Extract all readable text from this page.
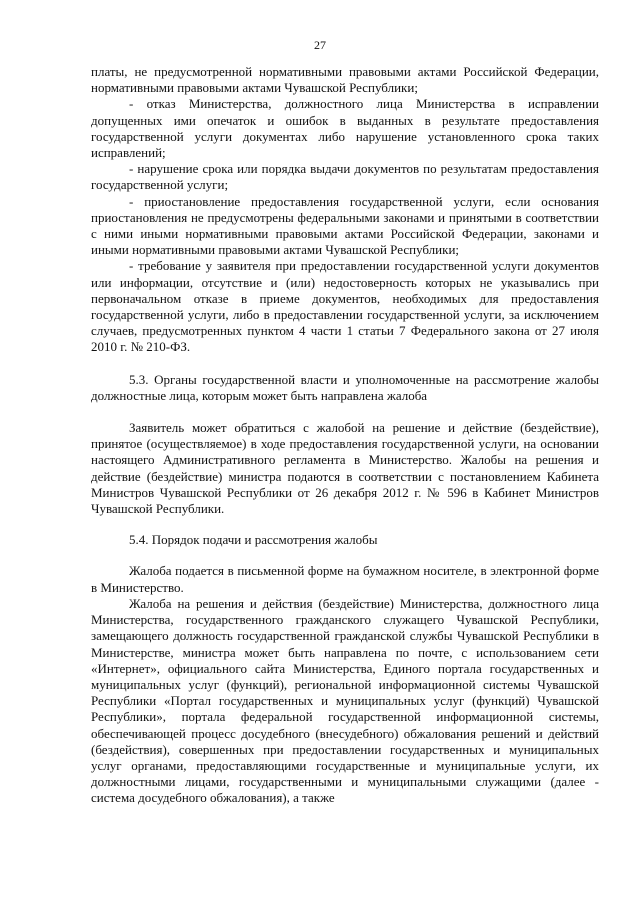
27

платы, не предусмотренной нормативными правовыми актами Российской Федерации, нормативными правовыми актами Чувашской Республики;

- отказ Министерства, должностного лица Министерства в исправлении допущенных ими опечаток и ошибок в выданных в результате предоставления государственной услуги документах либо нарушение установленного срока таких исправлений;

- нарушение срока или порядка выдачи документов по результатам предоставления государственной услуги;

- приостановление предоставления государственной услуги, если основания приостановления не предусмотрены федеральными законами и принятыми в соответствии с ними иными нормативными правовыми актами Российской Федерации, законами и иными нормативными правовыми актами Чувашской Республики;

- требование у заявителя при предоставлении государственной услуги документов или информации, отсутствие и (или) недостоверность которых не указывались при первоначальном отказе в приеме документов, необходимых для предоставления государственной услуги, либо в предоставлении государственной услуги, за исключением случаев, предусмотренных пунктом 4 части 1 статьи 7 Федерального закона от 27 июля 2010 г. № 210-ФЗ.

5.3. Органы государственной власти и уполномоченные на рассмотрение жалобы должностные лица, которым может быть направлена жалоба

Заявитель может обратиться с жалобой на решение и действие (бездействие), принятое (осуществляемое) в ходе предоставления государственной услуги, на основании настоящего Административного регламента в Министерство. Жалобы на решения и действие (бездействие) министра подаются в соответствии с постановлением Кабинета Министров Чувашской Республики от 26 декабря 2012 г. № 596 в Кабинет Министров Чувашской Республики.

5.4. Порядок подачи и рассмотрения жалобы

Жалоба подается в письменной форме на бумажном носителе, в электронной форме в Министерство.

Жалоба на решения и действия (бездействие) Министерства, должностного лица Министерства, государственного гражданского служащего Чувашской Республики, замещающего должность государственной гражданской службы Чувашской Республики в Министерстве, министра может быть направлена по почте, с использованием сети «Интернет», официального сайта Министерства, Единого портала государственных и муниципальных услуг (функций), региональной информационной системы Чувашской Республики «Портал государственных и муниципальных услуг (функций) Чувашской Республики», портала федеральной государственной информационной системы, обеспечивающей процесс досудебного (внесудебного) обжалования решений и действий (бездействия), совершенных при предоставлении государственных и муниципальных услуг органами, предоставляющими государственные и муниципальные услуги, их должностными лицами, государственными и муниципальными служащими (далее - система досудебного обжалования), а также
